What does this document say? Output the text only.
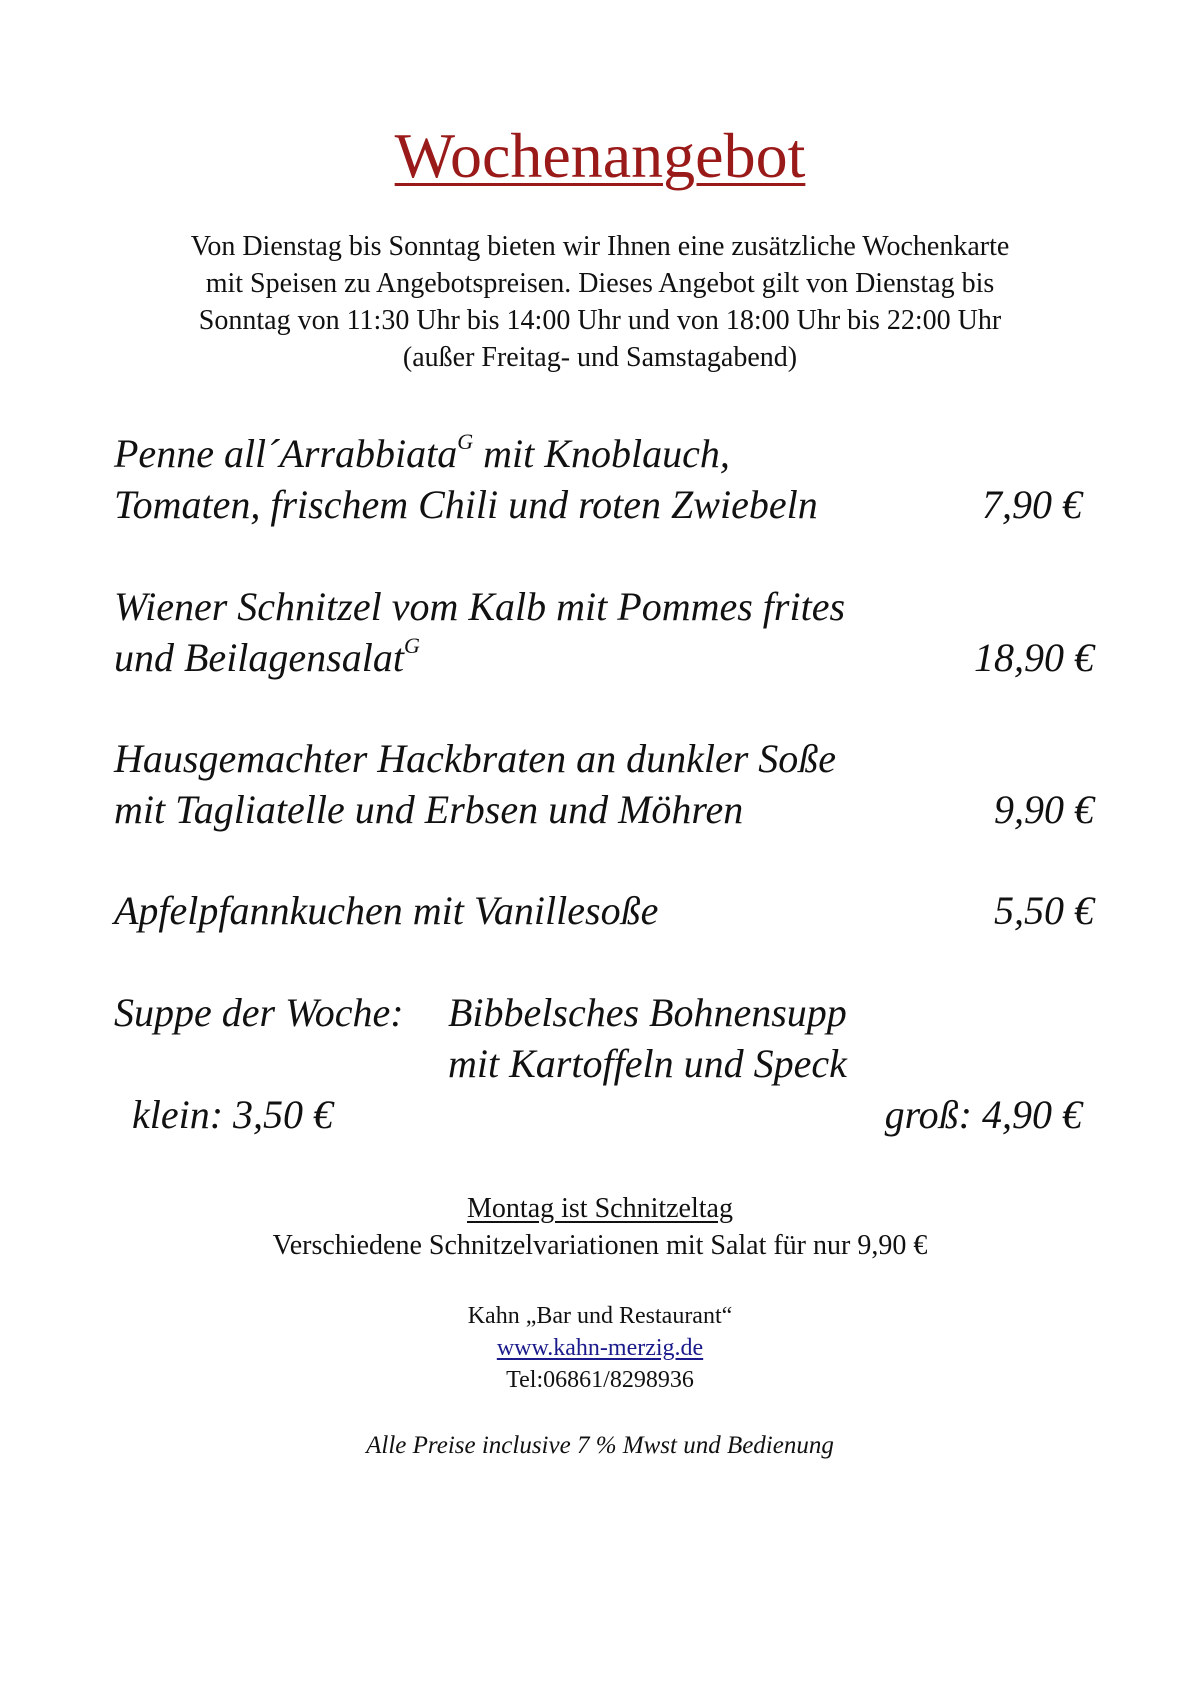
Wochenangebot
Von Dienstag bis Sonntag bieten wir Ihnen eine zusätzliche Wochenkarte
mit Speisen zu Angebotspreisen. Dieses Angebot gilt von Dienstag bis
Sonntag von 11:30 Uhr bis 14:00 Uhr und von 18:00 Uhr bis 22:00 Uhr
(außer Freitag- und Samstagabend)
Penne all´Arrabbiata$^G$ mit Knoblauch,
Tomaten, frischem Chili und roten Zwiebeln	7,90 €
Wiener Schnitzel vom Kalb mit Pommes frites
und Beilagensalat$^G$	18,90 €
Hausgemachter Hackbraten an dunkler Soße
mit Tagliatelle und Erbsen und Möhren	9,90 €
Apfelpfannkuchen mit Vanillesoße	5,50 €
Suppe der Woche: Bibbelsches Bohnensupp
mit Kartoffeln und Speck
klein: 3,50 €	groß: 4,90 €
Montag ist Schnitzeltag
Verschiedene Schnitzelvariationen mit Salat für nur 9,90 €
Kahn „Bar und Restaurant“
www.kahn-merzig.de
Tel:06861/8298936
Alle Preise inclusive 7 % Mwst und Bedienung
